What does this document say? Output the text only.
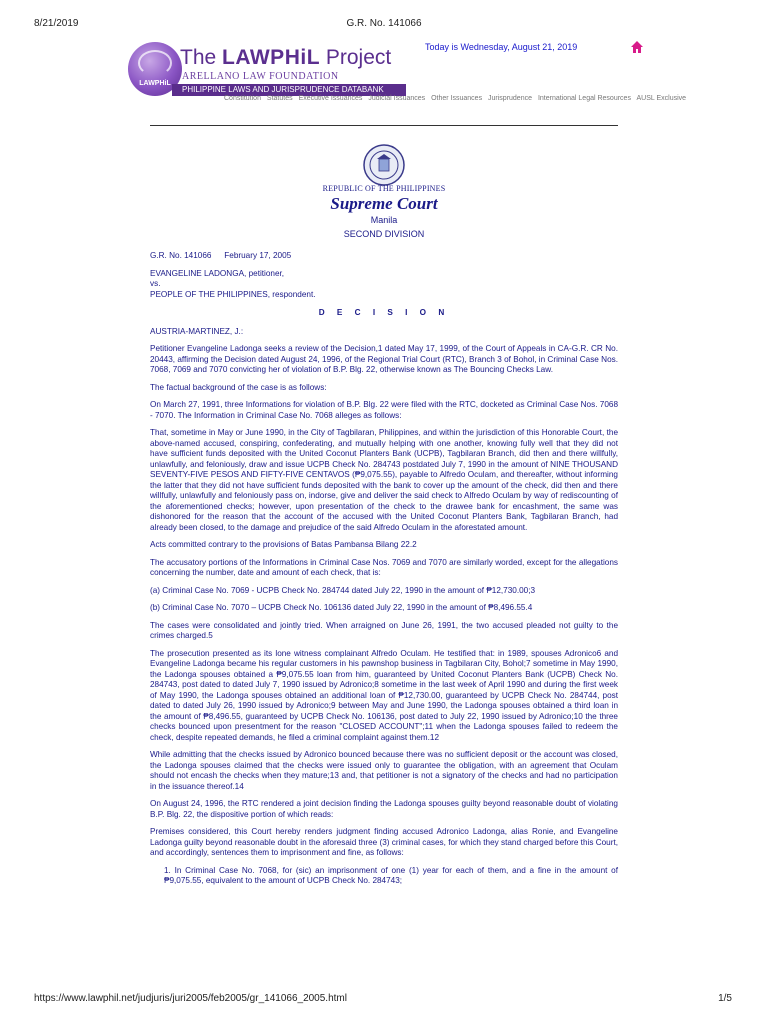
8/21/2019	G.R. No. 141066
LAWPHiL
The LAWPHiL Project
ARELLANO LAW FOUNDATION
PHILIPPINE LAWS AND JURISPRUDENCE DATABANK
Today is Wednesday, August 21, 2019
Constitution Statutes Executive Issuances Judicial Issuances Other Issuances Jurisprudence International Legal Resources AUSL Exclusive
REPUBLIC OF THE PHILIPPINES
Supreme Court
Manila
SECOND DIVISION
G.R. No. 141066 February 17, 2005
EVANGELINE LADONGA, petitioner,
vs.
PEOPLE OF THE PHILIPPINES, respondent.
D E C I S I O N

AUSTRIA-MARTINEZ, J.:

Petitioner Evangeline Ladonga seeks a review of the Decision,1 dated May 17, 1999, of the Court of Appeals in CA-G.R. CR No. 20443, affirming the Decision dated August 24, 1996, of the Regional Trial Court (RTC), Branch 3 of Bohol, in Criminal Case Nos. 7068, 7069 and 7070 convicting her of violation of B.P. Blg. 22, otherwise known as The Bouncing Checks Law.

The factual background of the case is as follows:

On March 27, 1991, three Informations for violation of B.P. Blg. 22 were filed with the RTC, docketed as Criminal Case Nos. 7068 - 7070. The Information in Criminal Case No. 7068 alleges as follows:

That, sometime in May or June 1990, in the City of Tagbilaran, Philippines, and within the jurisdiction of this Honorable Court, the above-named accused, conspiring, confederating, and mutually helping with one another, knowing fully well that they did not have sufficient funds deposited with the United Coconut Planters Bank (UCPB), Tagbilaran Branch, did then and there willfully, unlawfully, and feloniously, draw and issue UCPB Check No. 284743 postdated July 7, 1990 in the amount of NINE THOUSAND SEVENTY-FIVE PESOS AND FIFTY-FIVE CENTAVOS (₱9,075.55), payable to Alfredo Oculam, and thereafter, without informing the latter that they did not have sufficient funds deposited with the bank to cover up the amount of the check, did then and there willfully, unlawfully and feloniously pass on, indorse, give and deliver the said check to Alfredo Oculam by way of rediscounting of the aforementioned checks; however, upon presentation of the check to the drawee bank for encashment, the same was dishonored for the reason that the account of the accused with the United Coconut Planters Bank, Tagbilaran Branch, had already been closed, to the damage and prejudice of the said Alfredo Oculam in the aforestated amount.

Acts committed contrary to the provisions of Batas Pambansa Bilang 22.2

The accusatory portions of the Informations in Criminal Case Nos. 7069 and 7070 are similarly worded, except for the allegations concerning the number, date and amount of each check, that is:

(a) Criminal Case No. 7069 - UCPB Check No. 284744 dated July 22, 1990 in the amount of ₱12,730.00;3

(b) Criminal Case No. 7070 – UCPB Check No. 106136 dated July 22, 1990 in the amount of ₱8,496.55.4

The cases were consolidated and jointly tried. When arraigned on June 26, 1991, the two accused pleaded not guilty to the crimes charged.5

The prosecution presented as its lone witness complainant Alfredo Oculam. He testified that: in 1989, spouses Adronico6 and Evangeline Ladonga became his regular customers in his pawnshop business in Tagbilaran City, Bohol;7 sometime in May 1990, the Ladonga spouses obtained a ₱9,075.55 loan from him, guaranteed by United Coconut Planters Bank (UCPB) Check No. 284743, post dated to dated July 7, 1990 issued by Adronico;8 sometime in the last week of April 1990 and during the first week of May 1990, the Ladonga spouses obtained an additional loan of ₱12,730.00, guaranteed by UCPB Check No. 284744, post dated to dated July 26, 1990 issued by Adronico;9 between May and June 1990, the Ladonga spouses obtained a third loan in the amount of ₱8,496.55, guaranteed by UCPB Check No. 106136, post dated to July 22, 1990 issued by Adronico;10 the three checks bounced upon presentment for the reason "CLOSED ACCOUNT";11 when the Ladonga spouses failed to redeem the check, despite repeated demands, he filed a criminal complaint against them.12

While admitting that the checks issued by Adronico bounced because there was no sufficient deposit or the account was closed, the Ladonga spouses claimed that the checks were issued only to guarantee the obligation, with an agreement that Oculam should not encash the checks when they mature;13 and, that petitioner is not a signatory of the checks and had no participation in the issuance thereof.14

On August 24, 1996, the RTC rendered a joint decision finding the Ladonga spouses guilty beyond reasonable doubt of violating B.P. Blg. 22, the dispositive portion of which reads:

Premises considered, this Court hereby renders judgment finding accused Adronico Ladonga, alias Ronie, and Evangeline Ladonga guilty beyond reasonable doubt in the aforesaid three (3) criminal cases, for which they stand charged before this Court, and accordingly, sentences them to imprisonment and fine, as follows:

1. In Criminal Case No. 7068, for (sic) an imprisonment of one (1) year for each of them, and a fine in the amount of ₱9,075.55, equivalent to the amount of UCPB Check No. 284743;

https://www.lawphil.net/judjuris/juri2005/feb2005/gr_141066_2005.html	1/5
